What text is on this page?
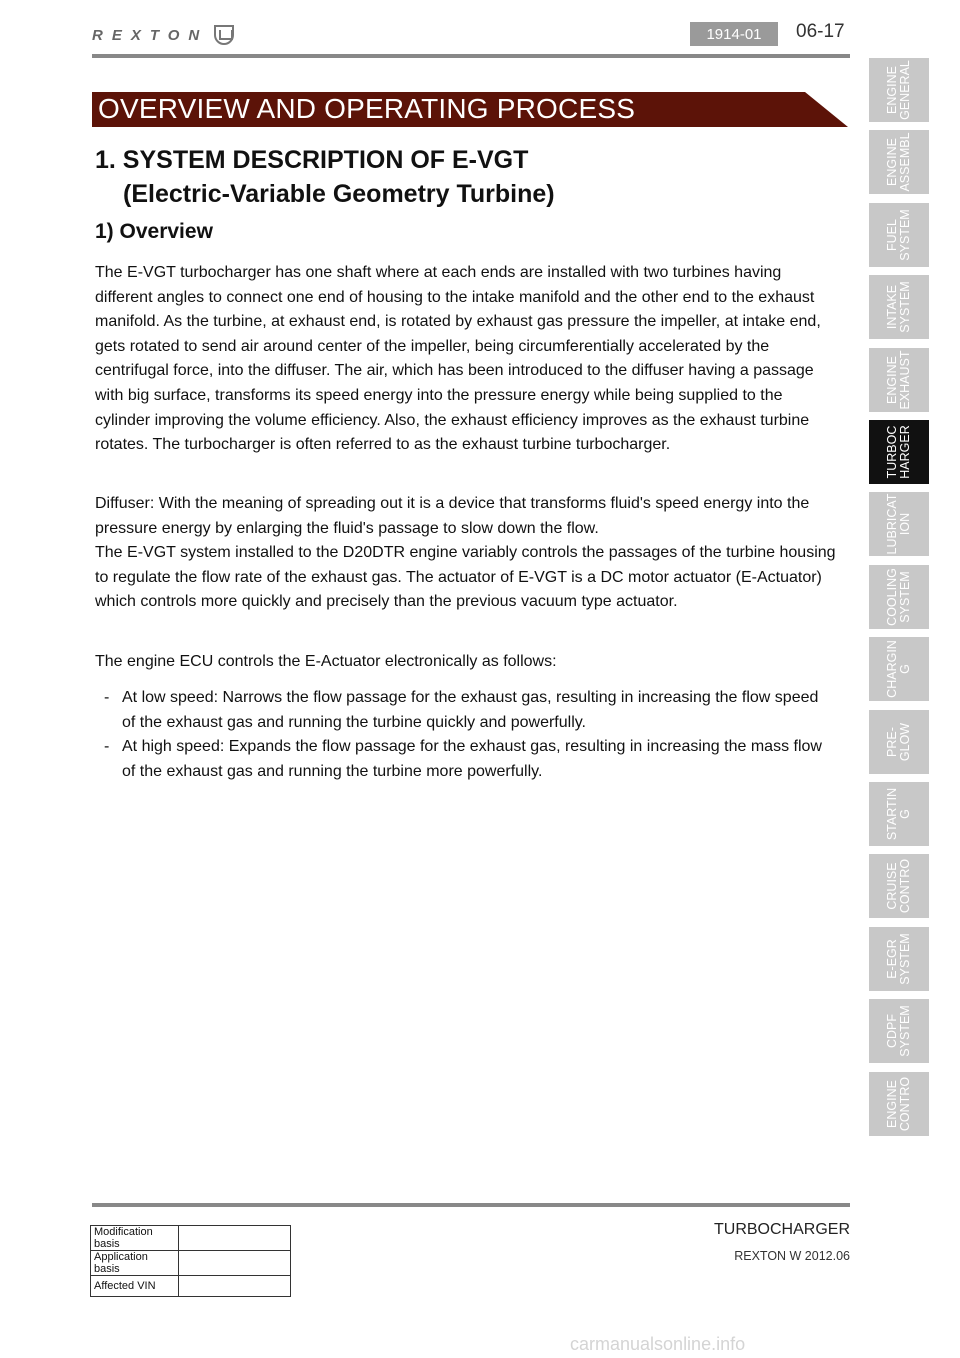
REXTON	1914-01	06-17
OVERVIEW AND OPERATING PROCESS
1. SYSTEM DESCRIPTION OF E-VGT
(Electric-Variable Geometry Turbine)
1) Overview

The E-VGT turbocharger has one shaft where at each ends are installed with two turbines having different angles to connect one end of housing to the intake manifold and the other end to the exhaust manifold. As the turbine, at exhaust end, is rotated by exhaust gas pressure the impeller, at intake end, gets rotated to send air around center of the impeller, being circumferentially accelerated by the centrifugal force, into the diffuser. The air, which has been introduced to the diffuser having a passage with big surface, transforms its speed energy into the pressure energy while being supplied to the cylinder improving the volume efficiency. Also, the exhaust efficiency improves as the exhaust turbine rotates. The turbocharger is often referred to as the exhaust turbine turbocharger.

Diffuser: With the meaning of spreading out it is a device that transforms fluid's speed energy into the pressure energy by enlarging the fluid's passage to slow down the flow.
The E-VGT system installed to the D20DTR engine variably controls the passages of the turbine housing to regulate the flow rate of the exhaust gas. The actuator of E-VGT is a DC motor actuator (E-Actuator) which controls more quickly and precisely than the previous vacuum type actuator.

The engine ECU controls the E-Actuator electronically as follows:

- At low speed: Narrows the flow passage for the exhaust gas, resulting in increasing the flow speed of the exhaust gas and running the turbine quickly and powerfully.
- At high speed: Expands the flow passage for the exhaust gas, resulting in increasing the mass flow of the exhaust gas and running the turbine more powerfully.
ENGINE GENERAL
ENGINE ASSEMBL
FUEL SYSTEM
INTAKE SYSTEM
ENGINE EXHAUST
TURBOC HARGER
LUBRICAT ION
COOLING SYSTEM
CHARGIN G
PRE- GLOW
STARTIN G
CRUISE CONTRO
E-EGR SYSTEM
CDPF SYSTEM
ENGINE CONTRO
Modification basis	
Application basis	
Affected VIN	
TURBOCHARGER
REXTON W 2012.06
carmanualsonline.info
